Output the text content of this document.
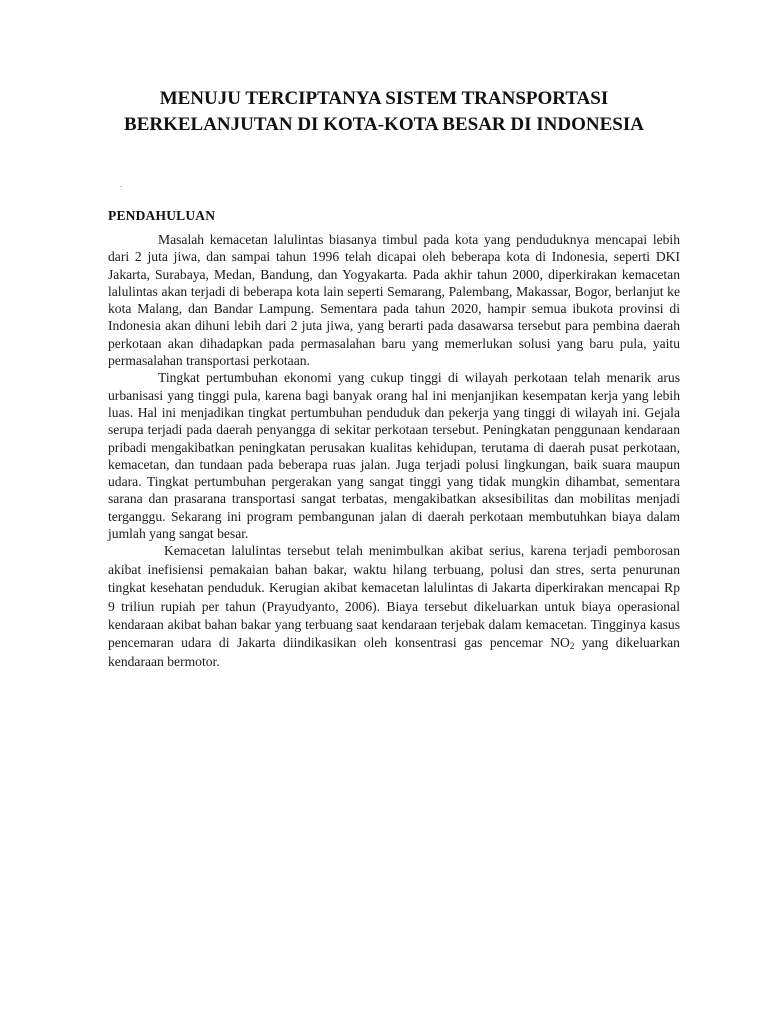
MENUJU TERCIPTANYA SISTEM TRANSPORTASI
BERKELANJUTAN DI KOTA-KOTA BESAR DI INDONESIA
.
PENDAHULUAN

Masalah kemacetan lalulintas biasanya timbul pada kota yang penduduknya mencapai lebih dari 2 juta jiwa, dan sampai tahun 1996 telah dicapai oleh beberapa kota di Indonesia, seperti DKI Jakarta, Surabaya, Medan, Bandung, dan Yogyakarta. Pada akhir tahun 2000, diperkirakan kemacetan lalulintas akan terjadi di beberapa kota lain seperti Semarang, Palembang, Makassar, Bogor, berlanjut ke kota Malang, dan Bandar Lampung. Sementara pada tahun 2020, hampir semua ibukota provinsi di Indonesia akan dihuni lebih dari 2 juta jiwa, yang berarti pada dasawarsa tersebut para pembina daerah perkotaan akan dihadapkan pada permasalahan baru yang memerlukan solusi yang baru pula, yaitu permasalahan transportasi perkotaan.

Tingkat pertumbuhan ekonomi yang cukup tinggi di wilayah perkotaan telah menarik arus urbanisasi yang tinggi pula, karena bagi banyak orang hal ini menjanjikan kesempatan kerja yang lebih luas. Hal ini menjadikan tingkat pertumbuhan penduduk dan pekerja yang tinggi di wilayah ini. Gejala serupa terjadi pada daerah penyangga di sekitar perkotaan tersebut. Peningkatan penggunaan kendaraan pribadi mengakibatkan peningkatan perusakan kualitas kehidupan, terutama di daerah pusat perkotaan, kemacetan, dan tundaan pada beberapa ruas jalan. Juga terjadi polusi lingkungan, baik suara maupun udara. Tingkat pertumbuhan pergerakan yang sangat tinggi yang tidak mungkin dihambat, sementara sarana dan prasarana transportasi sangat terbatas, mengakibatkan aksesibilitas dan mobilitas menjadi terganggu. Sekarang ini program pembangunan jalan di daerah perkotaan membutuhkan biaya dalam jumlah yang sangat besar.

Kemacetan lalulintas tersebut telah menimbulkan akibat serius, karena terjadi pemborosan akibat inefisiensi pemakaian bahan bakar, waktu hilang terbuang, polusi dan stres, serta penurunan tingkat kesehatan penduduk. Kerugian akibat kemacetan lalulintas di Jakarta diperkirakan mencapai Rp 9 triliun rupiah per tahun (Prayudyanto, 2006). Biaya tersebut dikeluarkan untuk biaya operasional kendaraan akibat bahan bakar yang terbuang saat kendaraan terjebak dalam kemacetan. Tingginya kasus pencemaran udara di Jakarta diindikasikan oleh konsentrasi gas pencemar $NO_2$ yang dikeluarkan kendaraan bermotor.
